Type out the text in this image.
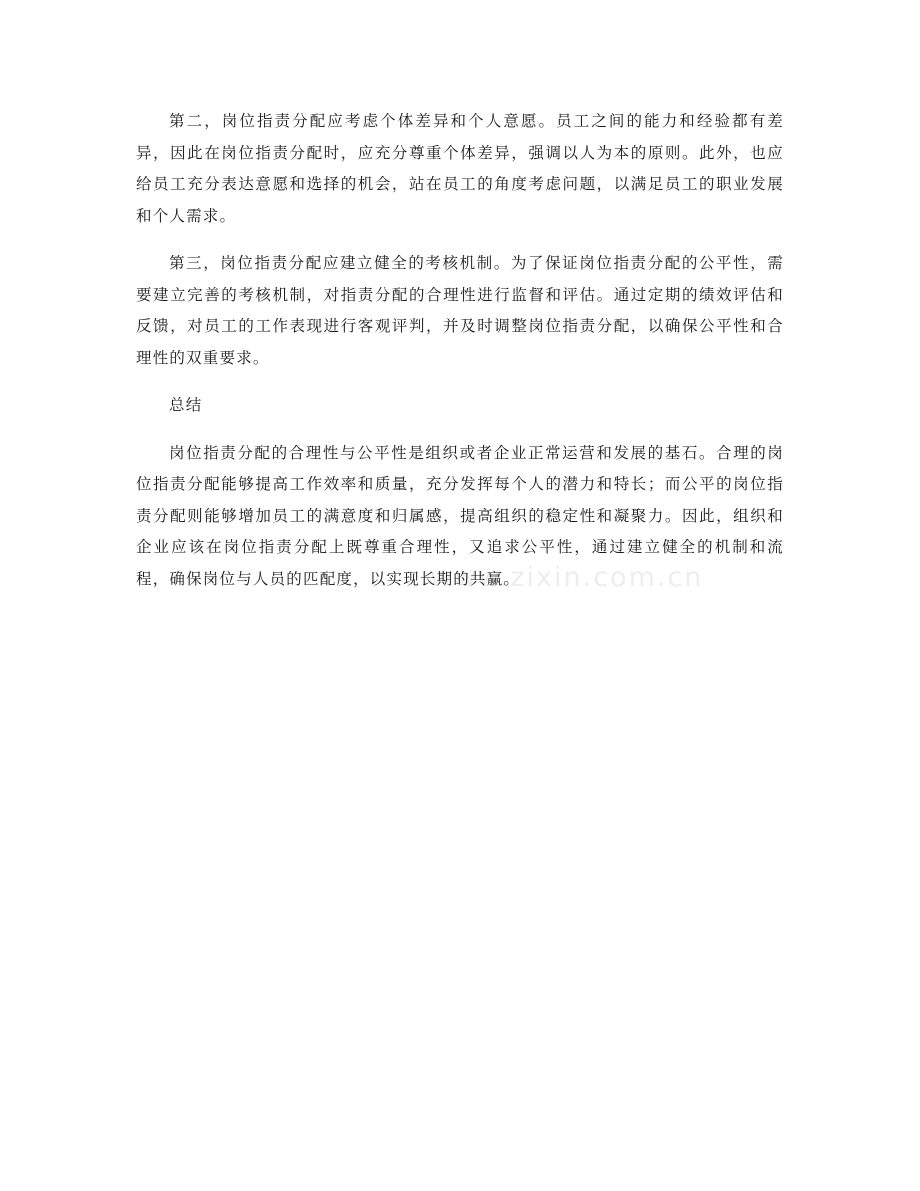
第二，岗位指责分配应考虑个体差异和个人意愿。员工之间的能力和经验都有差异，因此在岗位指责分配时，应充分尊重个体差异，强调以人为本的原则。此外，也应给员工充分表达意愿和选择的机会，站在员工的角度考虑问题，以满足员工的职业发展和个人需求。

第三，岗位指责分配应建立健全的考核机制。为了保证岗位指责分配的公平性，需要建立完善的考核机制，对指责分配的合理性进行监督和评估。通过定期的绩效评估和反馈，对员工的工作表现进行客观评判，并及时调整岗位指责分配，以确保公平性和合理性的双重要求。

总结

岗位指责分配的合理性与公平性是组织或者企业正常运营和发展的基石。合理的岗位指责分配能够提高工作效率和质量，充分发挥每个人的潜力和特长；而公平的岗位指责分配则能够增加员工的满意度和归属感，提高组织的稳定性和凝聚力。因此，组织和企业应该在岗位指责分配上既尊重合理性，又追求公平性，通过建立健全的机制和流程，确保岗位与人员的匹配度，以实现长期的共赢。

www.zixin.com.cn
